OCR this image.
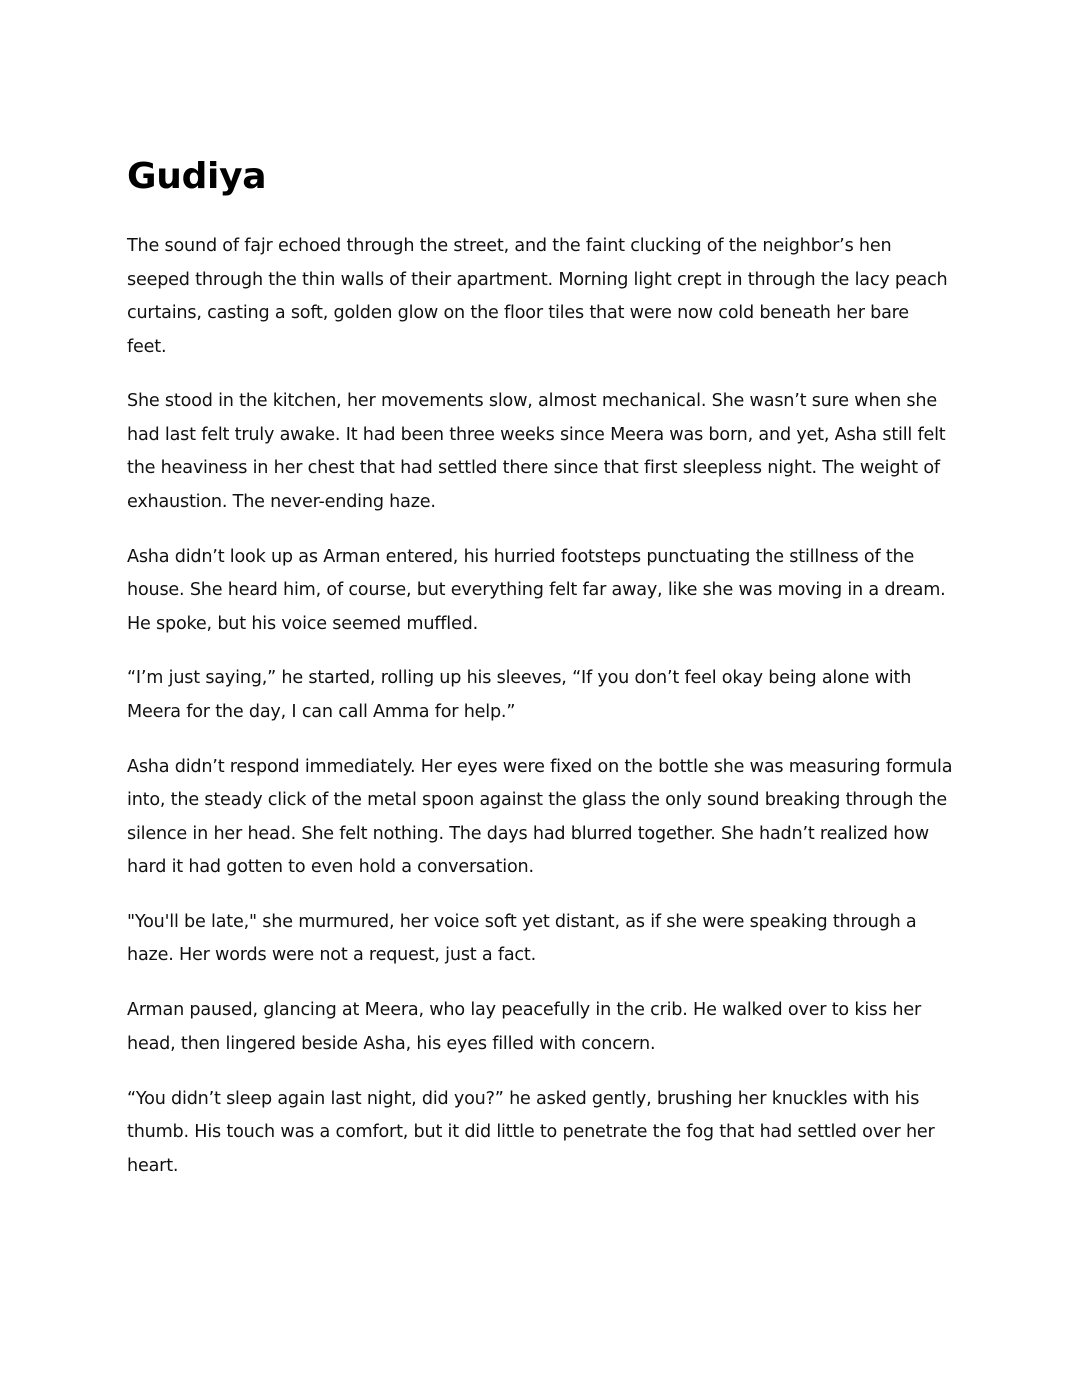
Gudiya

The sound of fajr echoed through the street, and the faint clucking of the neighbor’s hen seeped through the thin walls of their apartment. Morning light crept in through the lacy peach curtains, casting a soft, golden glow on the floor tiles that were now cold beneath her bare feet.

She stood in the kitchen, her movements slow, almost mechanical. She wasn’t sure when she had last felt truly awake. It had been three weeks since Meera was born, and yet, Asha still felt the heaviness in her chest that had settled there since that first sleepless night. The weight of exhaustion. The never-ending haze.

Asha didn’t look up as Arman entered, his hurried footsteps punctuating the stillness of the house. She heard him, of course, but everything felt far away, like she was moving in a dream. He spoke, but his voice seemed muffled.

“I’m just saying,” he started, rolling up his sleeves, “If you don’t feel okay being alone with Meera for the day, I can call Amma for help.”

Asha didn’t respond immediately. Her eyes were fixed on the bottle she was measuring formula into, the steady click of the metal spoon against the glass the only sound breaking through the silence in her head. She felt nothing. The days had blurred together. She hadn’t realized how hard it had gotten to even hold a conversation.

"You'll be late," she murmured, her voice soft yet distant, as if she were speaking through a haze. Her words were not a request, just a fact.

Arman paused, glancing at Meera, who lay peacefully in the crib. He walked over to kiss her head, then lingered beside Asha, his eyes filled with concern.

“You didn’t sleep again last night, did you?” he asked gently, brushing her knuckles with his thumb. His touch was a comfort, but it did little to penetrate the fog that had settled over her heart.
